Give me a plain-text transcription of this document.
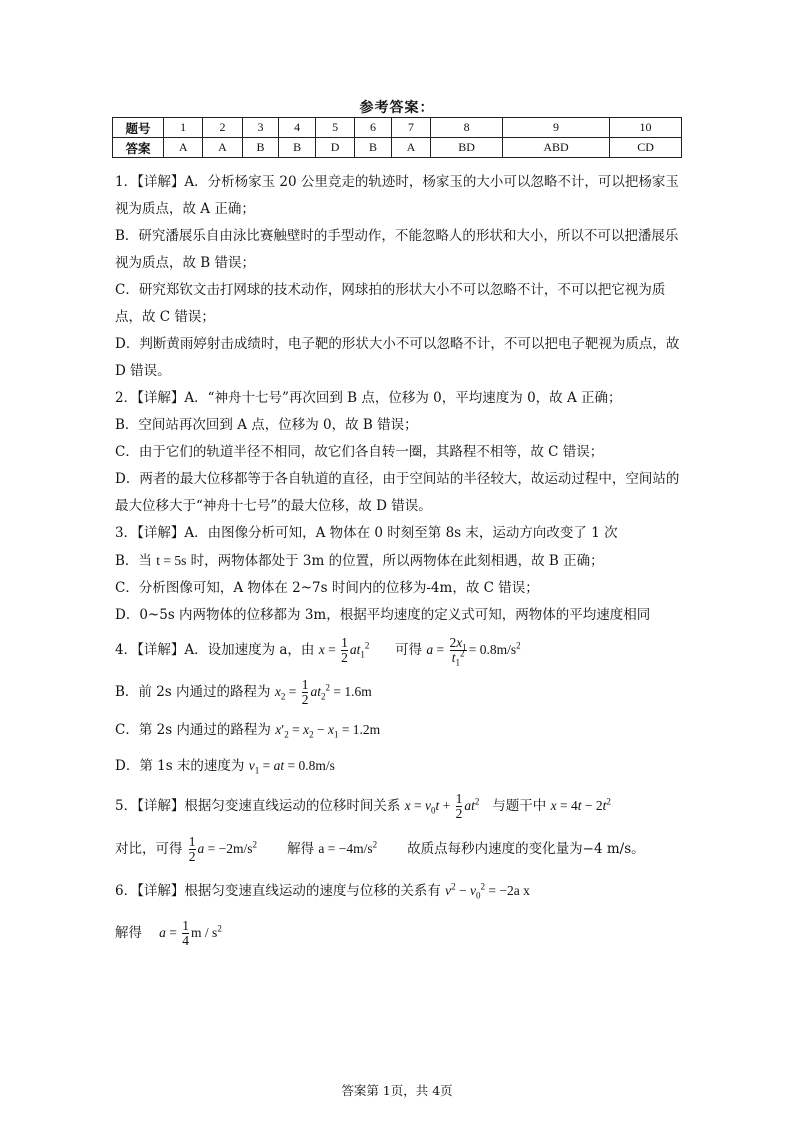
参考答案：
题号	1	2	3	4	5	6	7	8	9	10
答案	A	A	B	B	D	B	A	BD	ABD	CD

1．【详解】A．分析杨家玉 20 公里竞走的轨迹时，杨家玉的大小可以忽略不计，可以把杨家玉视为质点，故 A 正确；

B．研究潘展乐自由泳比赛触壁时的手型动作，不能忽略人的形状和大小，所以不可以把潘展乐视为质点，故 B 错误；

C．研究郑钦文击打网球的技术动作，网球拍的形状大小不可以忽略不计，不可以把它视为质点，故 C 错误；

D．判断黄雨婷射击成绩时，电子靶的形状大小不可以忽略不计，不可以把电子靶视为质点，故 D 错误。

2．【详解】A．“神舟十七号”再次回到 B 点，位移为 0，平均速度为 0，故 A 正确；

B．空间站再次回到 A 点，位移为 0，故 B 错误；

C．由于它们的轨道半径不相同，故它们各自转一圈，其路程不相等，故 C 错误；

D．两者的最大位移都等于各自轨道的直径，由于空间站的半径较大，故运动过程中，空间站的最大位移大于“神舟十七号”的最大位移，故 D 错误。

3．【详解】A．由图像分析可知，A 物体在 0 时刻至第 8s 末，运动方向改变了 1 次

B．当 t = 5s 时，两物体都处于 3m 的位置，所以两物体在此刻相遇，故 B 正确；

C．分析图像可知，A 物体在 2~7s 时间内的位移为-4m，故 C 错误；

D．0~5s 内两物体的位移都为 3m，根据平均速度的定义式可知，两物体的平均速度相同

4．【详解】A．设加速度为 a，由 $x = \frac{1}{2} at_1^2$ 可得 $a = \frac{2x_1}{t_1^2} = 0.8m/s^2$

B．前 2s 内通过的路程为 $x_2 = \frac{1}{2} at_2^2 = 1.6m$

C．第 2s 内通过的路程为 $x'_2 = x_2 - x_1 = 1.2m$

D．第 1s 末的速度为 $v_1$ = at = 0.8m/s

5．【详解】根据匀变速直线运动的位移时间关系 $x = v_0t + \frac{1}{2} at^2$ 与题干中 $x = 4t - 2t^2$

对比，可得 $\frac{1}{2}$ $a = -2m/s^2$ 解得 $a = -4m/s^2$ 故质点每秒内速度的变化量为−4 m/s。

6．【详解】根据匀变速直线运动的速度与位移的关系有 $v^2 - v_0^2 = -2a$ x

解得 $a = \frac{1}{4}$ m / $s^2$

答案第 1页，共 4页
